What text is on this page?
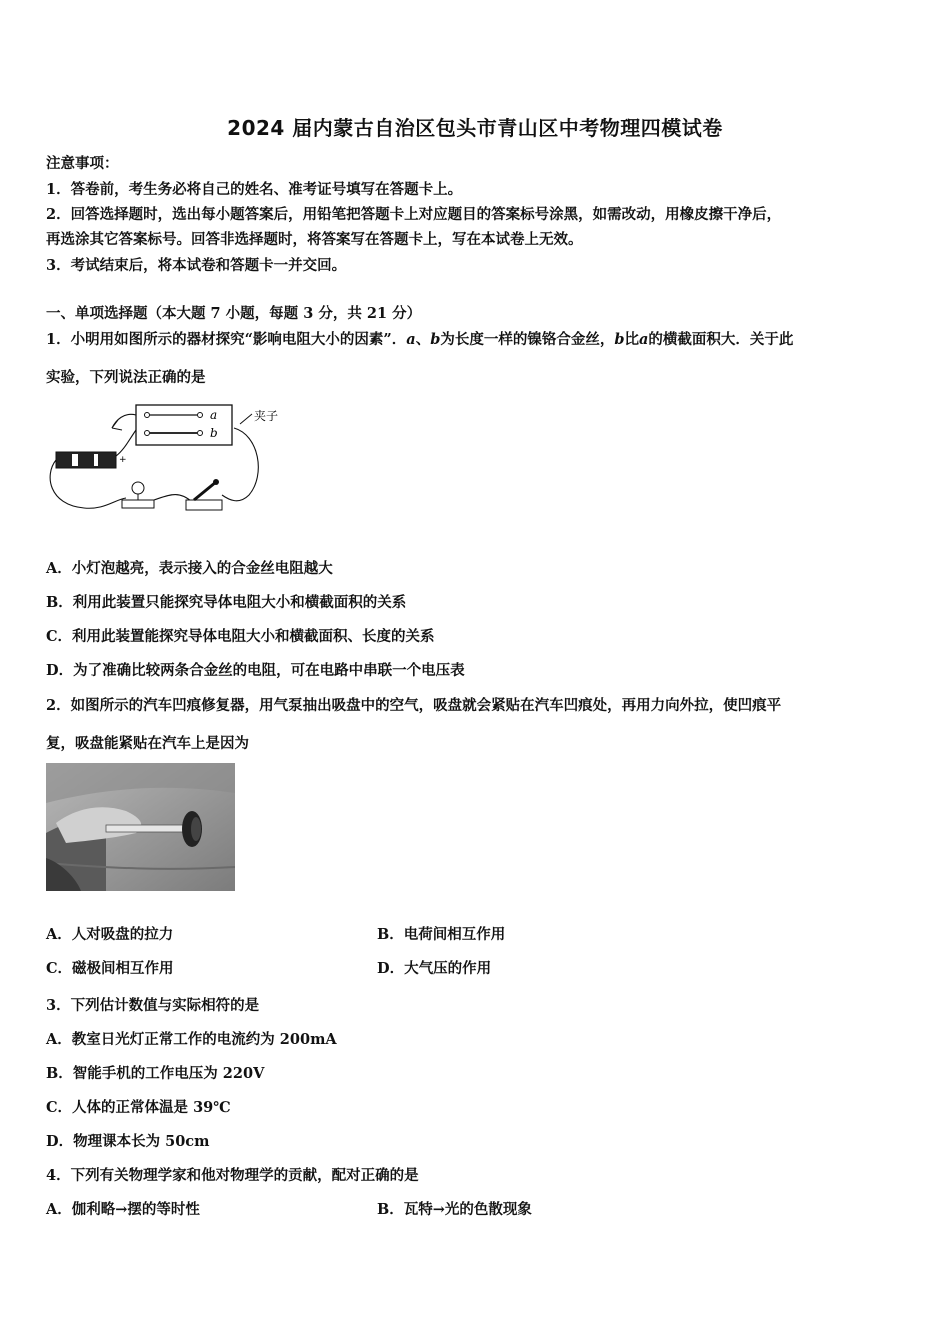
2024 届内蒙古自治区包头市青山区中考物理四模试卷
注意事项：
1．答卷前，考生务必将自己的姓名、准考证号填写在答题卡上。
2．回答选择题时，选出每小题答案后，用铅笔把答题卡上对应题目的答案标号涂黑，如需改动，用橡皮擦干净后，
再选涂其它答案标号。回答非选择题时，将答案写在答题卡上，写在本试卷上无效。
3．考试结束后，将本试卷和答题卡一并交回。
一、单项选择题（本大题 7 小题，每题 3 分，共 21 分）
1．小明用如图所示的器材探究“影响电阻大小的因素”．a、b为长度一样的镍铬合金丝，b比a的横截面积大．关于此
实验，下列说法正确的是
a
b
夹子
+
A．小灯泡越亮，表示接入的合金丝电阻越大
B．利用此装置只能探究导体电阻大小和横截面积的关系
C．利用此装置能探究导体电阻大小和横截面积、长度的关系
D．为了准确比较两条合金丝的电阻，可在电路中串联一个电压表
2．如图所示的汽车凹痕修复器，用气泵抽出吸盘中的空气，吸盘就会紧贴在汽车凹痕处，再用力向外拉，使凹痕平
复，吸盘能紧贴在汽车上是因为
A．人对吸盘的拉力	B．电荷间相互作用
C．磁极间相互作用	D．大气压的作用
3．下列估计数值与实际相符的是
A．教室日光灯正常工作的电流约为 200mA
B．智能手机的工作电压为 220V
C．人体的正常体温是 39℃
D．物理课本长为 50cm
4．下列有关物理学家和他对物理学的贡献，配对正确的是
A．伽利略→摆的等时性	B．瓦特→光的色散现象
